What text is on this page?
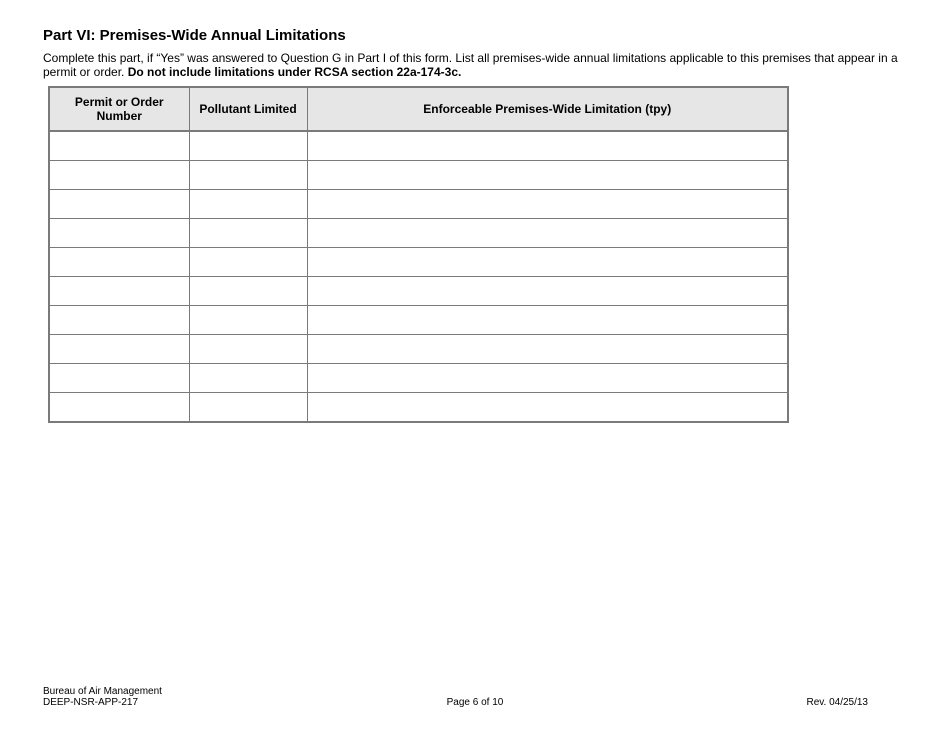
Part VI: Premises-Wide Annual Limitations

Complete this part, if “Yes” was answered to Question G in Part I of this form. List all premises-wide annual limitations applicable to this premises that appear in a permit or order. Do not include limitations under RCSA section 22a-174-3c.

Permit or Order Number	Pollutant Limited	Enforceable Premises-Wide Limitation (tpy)

Bureau of Air Management
DEEP-NSR-APP-217	Page 6 of 10	Rev. 04/25/13
